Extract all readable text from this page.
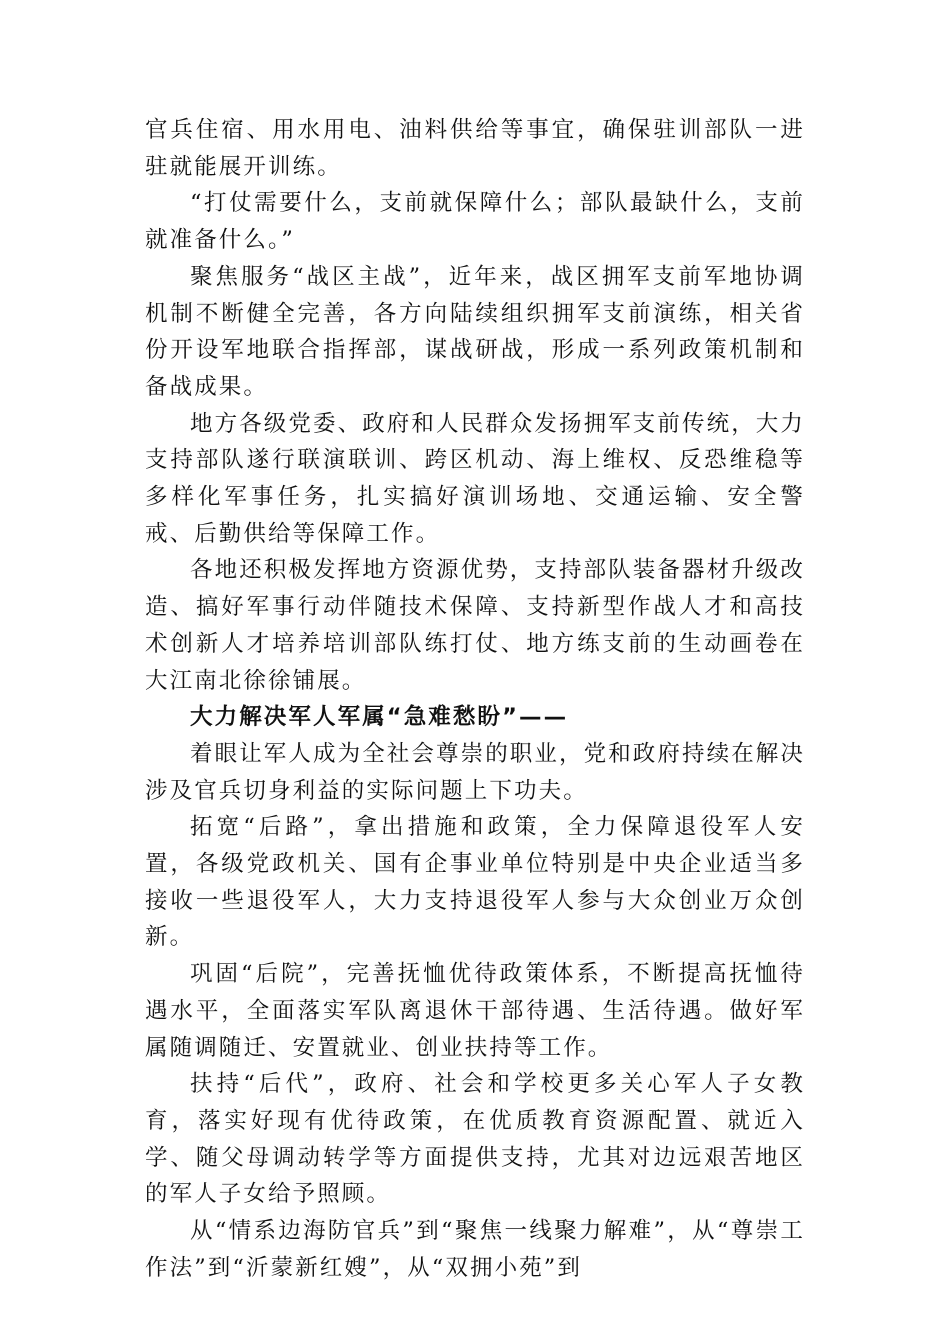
官兵住宿、用水用电、油料供给等事宜，确保驻训部队一进驻就能展开训练。

“打仗需要什么，支前就保障什么；部队最缺什么，支前就准备什么。”

聚焦服务“战区主战”，近年来，战区拥军支前军地协调机制不断健全完善，各方向陆续组织拥军支前演练，相关省份开设军地联合指挥部，谋战研战，形成一系列政策机制和备战成果。

地方各级党委、政府和人民群众发扬拥军支前传统，大力支持部队遂行联演联训、跨区机动、海上维权、反恐维稳等多样化军事任务，扎实搞好演训场地、交通运输、安全警戒、后勤供给等保障工作。

各地还积极发挥地方资源优势，支持部队装备器材升级改造、搞好军事行动伴随技术保障、支持新型作战人才和高技术创新人才培养培训部队练打仗、地方练支前的生动画卷在大江南北徐徐铺展。

大力解决军人军属“急难愁盼”——

着眼让军人成为全社会尊崇的职业，党和政府持续在解决涉及官兵切身利益的实际问题上下功夫。

拓宽“后路”，拿出措施和政策，全力保障退役军人安置，各级党政机关、国有企事业单位特别是中央企业适当多接收一些退役军人，大力支持退役军人参与大众创业万众创新。

巩固“后院”，完善抚恤优待政策体系，不断提高抚恤待遇水平，全面落实军队离退休干部待遇、生活待遇。做好军属随调随迁、安置就业、创业扶持等工作。

扶持“后代”，政府、社会和学校更多关心军人子女教育，落实好现有优待政策，在优质教育资源配置、就近入学、随父母调动转学等方面提供支持，尤其对边远艰苦地区的军人子女给予照顾。

从“情系边海防官兵”到“聚焦一线聚力解难”，从“尊崇工作法”到“沂蒙新红嫂”，从“双拥小苑”到
